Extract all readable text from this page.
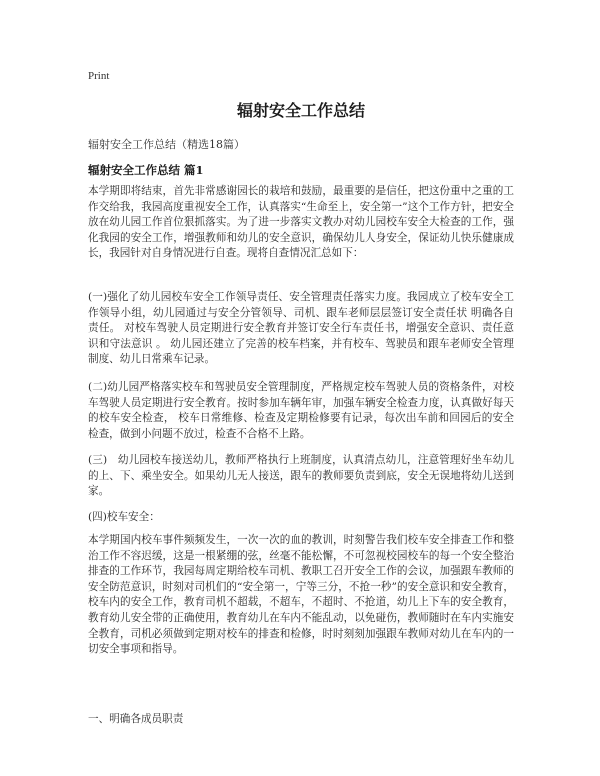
Print
辐射安全工作总结
辐射安全工作总结（精选18篇）
辐射安全工作总结 篇1
本学期即将结束，首先非常感谢园长的栽培和鼓励，最重要的是信任，把这份重中之重的工作交给我，我园高度重视安全工作，认真落实“生命至上，安全第一”这个工作方针，把安全放在幼儿园工作首位狠抓落实。为了进一步落实文教办对幼儿园校车安全大检查的工作，强化我园的安全工作，增强教师和幼儿的安全意识，确保幼儿人身安全，保证幼儿快乐健康成长，我园针对自身情况进行自查。现将自查情况汇总如下：
(一)强化了幼儿园校车安全工作领导责任、安全管理责任落实力度。我园成立了校车安全工作领导小组，幼儿园通过与安全分管领导、司机、跟车老师层层签订安全责任状 明确各自责任。 对校车驾驶人员定期进行安全教育并签订安全行车责任书，增强安全意识、责任意识和守法意识 。 幼儿园还建立了完善的校车档案，并有校车、驾驶员和跟车老师安全管理制度、幼儿日常乘车记录。
(二)幼儿园严格落实校车和驾驶员安全管理制度，严格规定校车驾驶人员的资格条件，对校车驾驶人员定期进行安全教育。按时参加车辆年审，加强车辆安全检查力度，认真做好每天的校车安全检查， 校车日常维修、检查及定期检修要有记录，每次出车前和回园后的安全检查，做到小问题不放过，检查不合格不上路。
(三)　幼儿园校车接送幼儿，教师严格执行上班制度，认真清点幼儿，注意管理好坐车幼儿的上、下、乘坐安全。如果幼儿无人接送，跟车的教师要负责到底，安全无误地将幼儿送到家。
(四)校车安全：
本学期国内校车事件频频发生，一次一次的血的教训，时刻警告我们校车安全排查工作和整治工作不容迟缓，这是一根紧绷的弦，丝毫不能松懈，不可忽视校园校车的每一个安全整治排查的工作环节，我园每周定期给校车司机、教职工召开安全工作的会议，加强跟车教师的安全防范意识，时刻对司机们的“安全第一，宁等三分，不抢一秒”的安全意识和安全教育，校车内的安全工作，教育司机不超载，不超车，不超时、不抢道，幼儿上下车的安全教育，教育幼儿安全带的正确使用，教育幼儿在车内不能乱动，以免碰伤，教师随时在车内实施安全教育，司机必须做到定期对校车的排查和检修，时时刻刻加强跟车教师对幼儿在车内的一切安全事项和指导。
一、明确各成员职责
